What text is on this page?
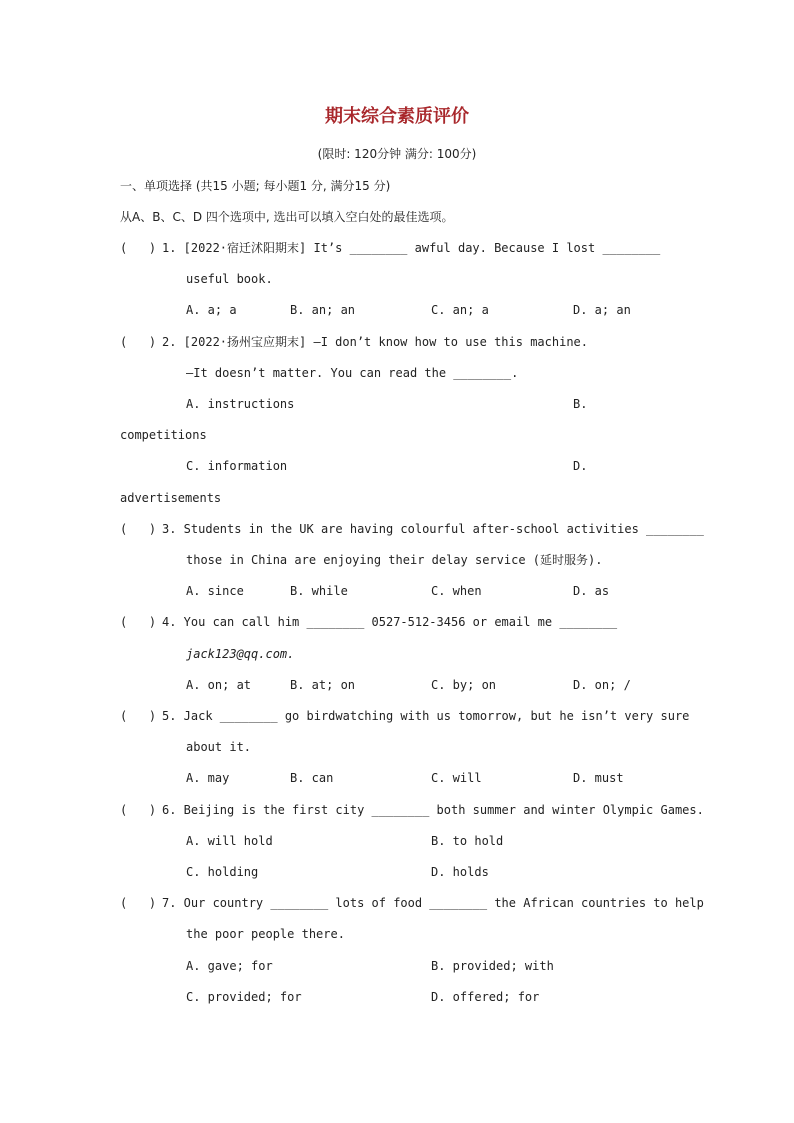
期末综合素质评价
(限时: 120分钟 满分: 100分)
一、单项选择 (共15 小题; 每小题1 分, 满分15 分)
从A、B、C、D 四个选项中, 选出可以填入空白处的最佳选项。
(   ) 1. [2022·宿迁沭阳期末] It’s ________ awful day. Because I lost ________
useful book.
A. a; a	B. an; an	C. an; a	D. a; an
(   ) 2. [2022·扬州宝应期末] —I don’t know how to use this machine.
—It doesn’t matter. You can read the ________.
A. instructions	B.
competitions
C. information	D.
advertisements
(   ) 3. Students in the UK are having colourful after-school activities ________
those in China are enjoying their delay service (延时服务).
A. since	B. while	C. when	D. as
(   ) 4. You can call him ________ 0527-512-3456 or email me ________
jack123@qq.com.
A. on; at	B. at; on	C. by; on	D. on; /
(   ) 5. Jack ________ go birdwatching with us tomorrow, but he isn’t very sure
about it.
A. may	B. can	C. will	D. must
(   ) 6. Beijing is the first city ________ both summer and winter Olympic Games.
A. will hold	B. to hold
C. holding	D. holds
(   ) 7. Our country ________ lots of food ________ the African countries to help
the poor people there.
A. gave; for	B. provided; with
C. provided; for	D. offered; for
